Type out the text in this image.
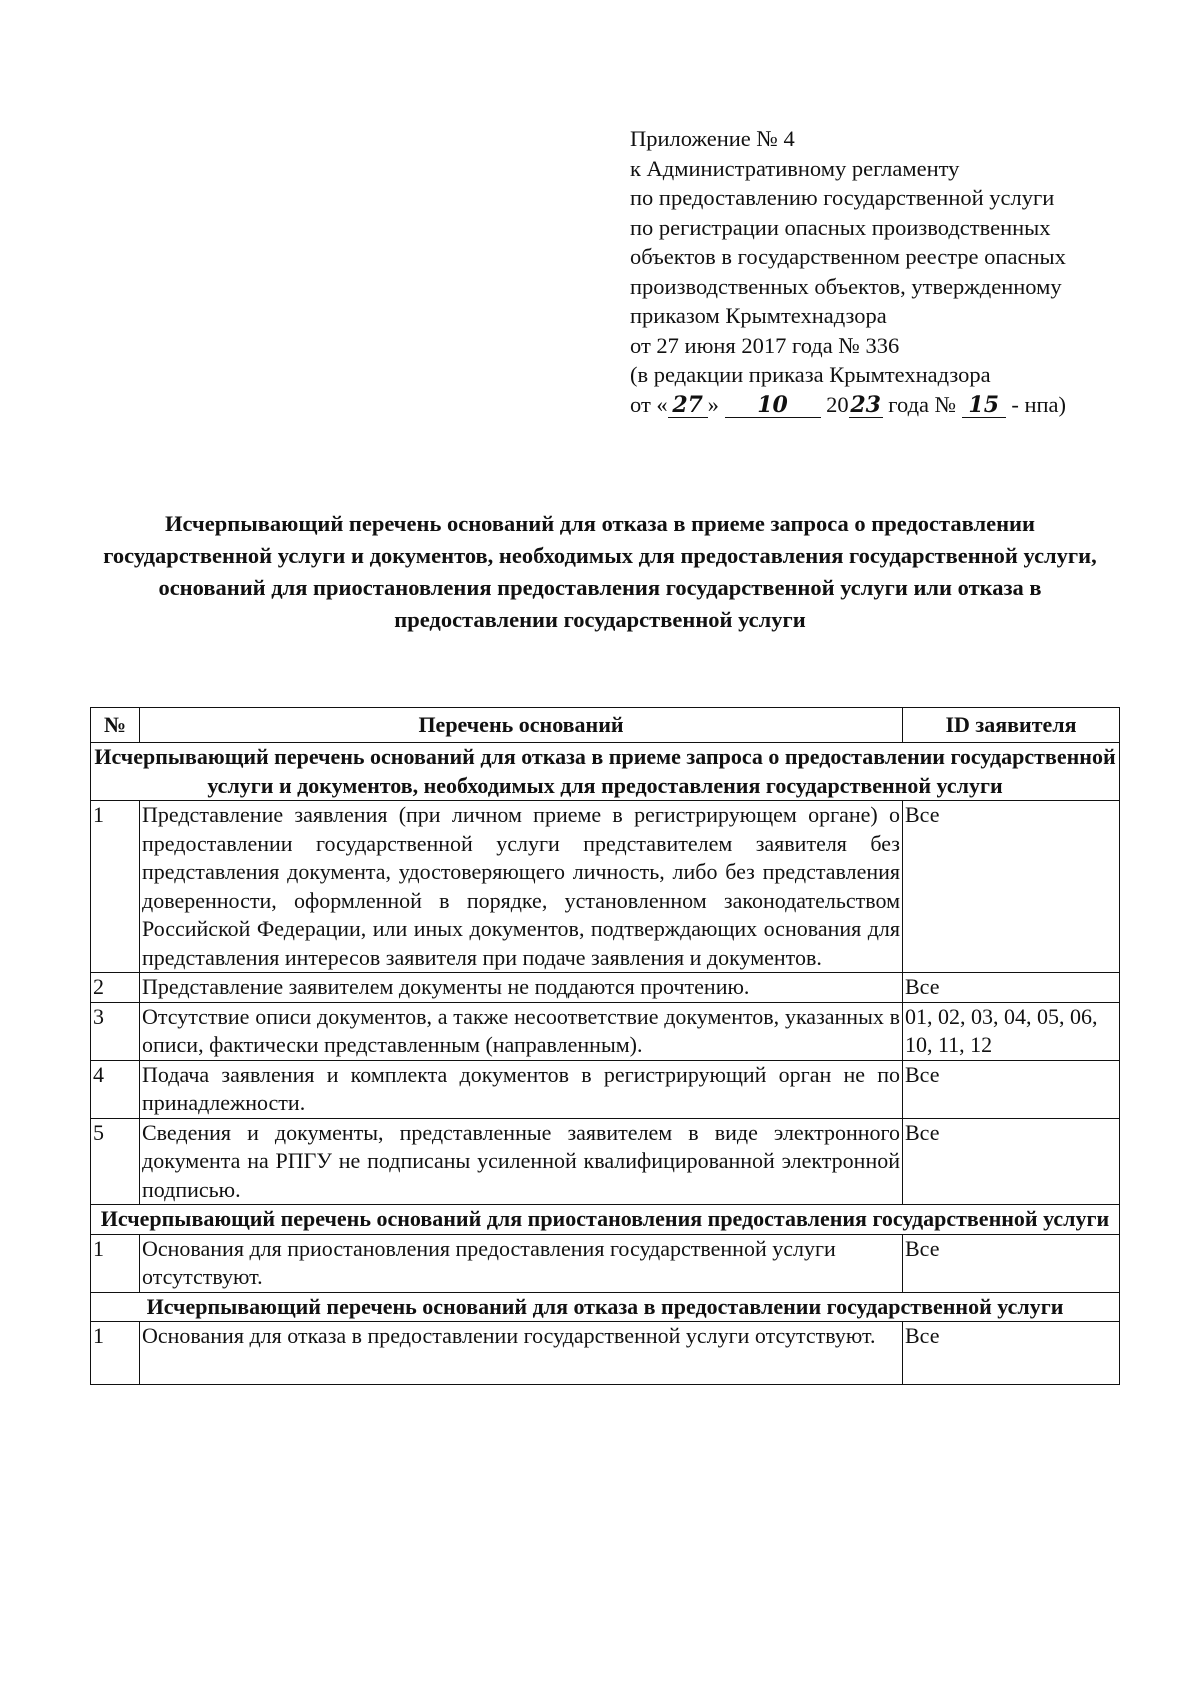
Приложение № 4
к Административному регламенту
по предоставлению государственной услуги
по регистрации опасных производственных
объектов в государственном реестре опасных
производственных объектов, утвержденному
приказом Крымтехнадзора
от 27 июня 2017 года № 336
(в редакции приказа Крымтехнадзора
от « 27 » 10 2023 года № 15 - нпа)
Исчерпывающий перечень оснований для отказа в приеме запроса о предоставлении государственной услуги и документов, необходимых для предоставления государственной услуги, оснований для приостановления предоставления государственной услуги или отказа в предоставлении государственной услуги
№	Перечень оснований	ID заявителя
Исчерпывающий перечень оснований для отказа в приеме запроса о предоставлении государственной услуги и документов, необходимых для предоставления государственной услуги		
1	Представление заявления (при личном приеме в регистрирующем органе) о предоставлении государственной услуги представителем заявителя без представления документа, удостоверяющего личность, либо без представления доверенности, оформленной в порядке, установленном законодательством Российской Федерации, или иных документов, подтверждающих основания для представления интересов заявителя при подаче заявления и документов.	Все
2	Представление заявителем документы не поддаются прочтению.	Все
3	Отсутствие описи документов, а также несоответствие документов, указанных в описи, фактически представленным (направленным).	01, 02, 03, 04, 05, 06, 10, 11, 12
4	Подача заявления и комплекта документов в регистрирующий орган не по принадлежности.	Все
5	Сведения и документы, представленные заявителем в виде электронного документа на РПГУ не подписаны усиленной квалифицированной электронной подписью.	Все
Исчерпывающий перечень оснований для приостановления предоставления государственной услуги		
1	Основания для приостановления предоставления государственной услуги отсутствуют.	Все
Исчерпывающий перечень оснований для отказа в предоставлении государственной услуги		
1	Основания для отказа в предоставлении государственной услуги отсутствуют.	Все
